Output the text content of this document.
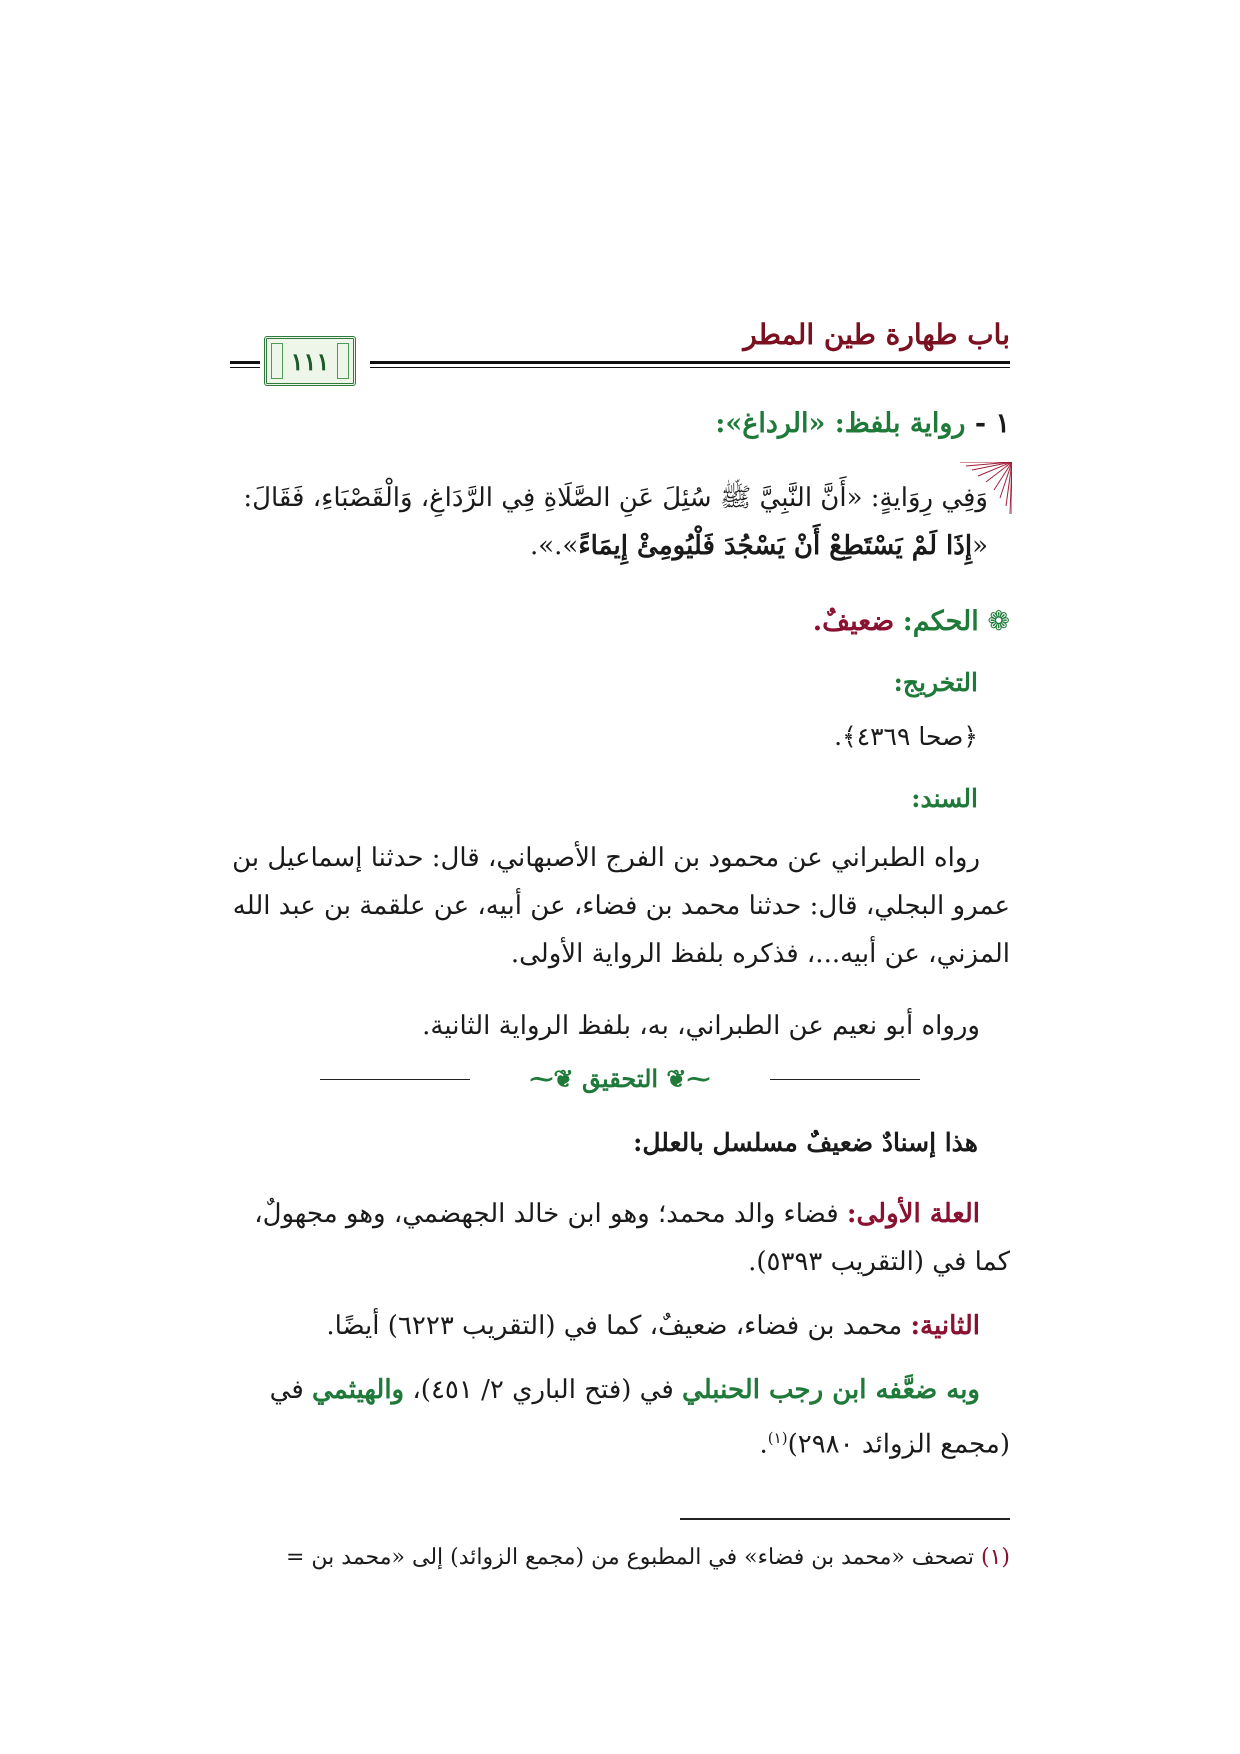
باب طهارة طين المطر
١١١
١ - رواية بلفظ: «الرداغ»:
وَفِي رِوَايةٍ: «أَنَّ النَّبِيَّ ﷺ سُئِلَ عَنِ الصَّلَاةِ فِي الرَّدَاغِ، وَالْقَصْبَاءِ، فَقَالَ: «إِذَا لَمْ يَسْتَطِعْ أَنْ يَسْجُدَ فَلْيُومِئْ إِيمَاءً».».
❁ الحكم: ضعيفٌ.
التخريج:
﴿صحا ٤٣٦٩﴾.
السند:
رواه الطبراني عن محمود بن الفرج الأصبهاني، قال: حدثنا إسماعيل بن عمرو البجلي، قال: حدثنا محمد بن فضاء، عن أبيه، عن علقمة بن عبد الله المزني، عن أبيه...، فذكره بلفظ الرواية الأولى.
ورواه أبو نعيم عن الطبراني، به، بلفظ الرواية الثانية.
⁓❦ التحقيق ❦⁓
هذا إسنادٌ ضعيفٌ مسلسل بالعلل:
العلة الأولى: فضاء والد محمد؛ وهو ابن خالد الجهضمي، وهو مجهولٌ، كما في (التقريب ٥٣٩٣).
الثانية: محمد بن فضاء، ضعيفٌ، كما في (التقريب ٦٢٢٣) أيضًا.
وبه ضعَّفه ابن رجب الحنبلي في (فتح الباري ٢/ ٤٥١)، والهيثمي في (مجمع الزوائد ٢٩٨٠)$^{(١)}$.
(١) تصحف «محمد بن فضاء» في المطبوع من (مجمع الزوائد) إلى «محمد بن =
